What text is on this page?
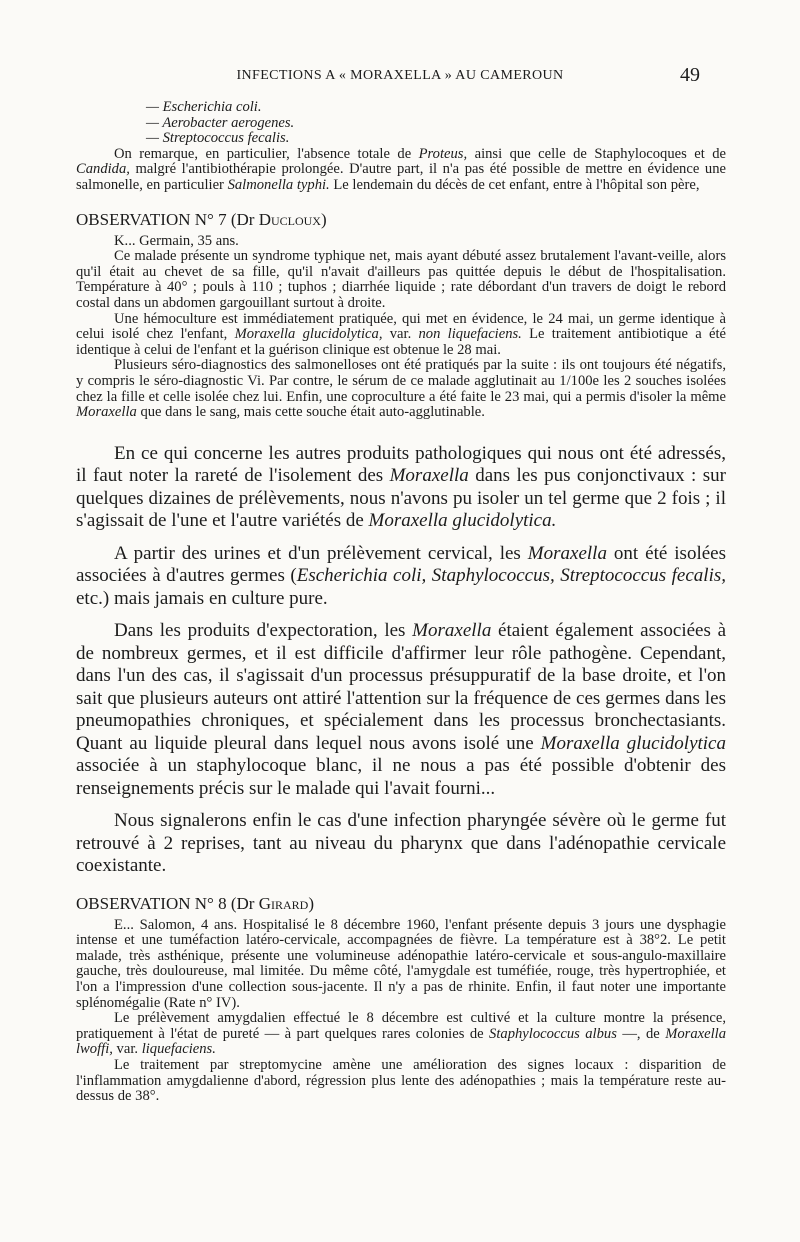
INFECTIONS A « MORAXELLA » AU CAMEROUN	49

— Escherichia coli.

— Aerobacter aerogenes.

— Streptococcus fecalis.

On remarque, en particulier, l'absence totale de Proteus, ainsi que celle de Staphylocoques et de Candida, malgré l'antibiothérapie prolongée. D'autre part, il n'a pas été possible de mettre en évidence une salmonelle, en particulier Salmonella typhi. Le lendemain du décès de cet enfant, entre à l'hôpital son père,

OBSERVATION N° 7 (Dr Ducloux)

K... Germain, 35 ans.

Ce malade présente un syndrome typhique net, mais ayant débuté assez brutalement l'avant-veille, alors qu'il était au chevet de sa fille, qu'il n'avait d'ailleurs pas quittée depuis le début de l'hospitalisation. Température à 40° ; pouls à 110 ; tuphos ; diarrhée liquide ; rate débordant d'un travers de doigt le rebord costal dans un abdomen gargouillant surtout à droite.

Une hémoculture est immédiatement pratiquée, qui met en évidence, le 24 mai, un germe identique à celui isolé chez l'enfant, Moraxella glucidolytica, var. non liquefaciens. Le traitement antibiotique a été identique à celui de l'enfant et la guérison clinique est obtenue le 28 mai.

Plusieurs séro-diagnostics des salmonelloses ont été pratiqués par la suite : ils ont toujours été négatifs, y compris le séro-diagnostic Vi. Par contre, le sérum de ce malade agglutinait au 1/100e les 2 souches isolées chez la fille et celle isolée chez lui. Enfin, une coproculture a été faite le 23 mai, qui a permis d'isoler la même Moraxella que dans le sang, mais cette souche était auto-agglutinable.

En ce qui concerne les autres produits pathologiques qui nous ont été adressés, il faut noter la rareté de l'isolement des Moraxella dans les pus conjonctivaux : sur quelques dizaines de prélèvements, nous n'avons pu isoler un tel germe que 2 fois ; il s'agissait de l'une et l'autre variétés de Moraxella glucidolytica.

A partir des urines et d'un prélèvement cervical, les Moraxella ont été isolées associées à d'autres germes (Escherichia coli, Staphylococcus, Streptococcus fecalis, etc.) mais jamais en culture pure.

Dans les produits d'expectoration, les Moraxella étaient également associées à de nombreux germes, et il est difficile d'affirmer leur rôle pathogène. Cependant, dans l'un des cas, il s'agissait d'un processus présuppuratif de la base droite, et l'on sait que plusieurs auteurs ont attiré l'attention sur la fréquence de ces germes dans les pneumopathies chroniques, et spécialement dans les processus bronchectasiants. Quant au liquide pleural dans lequel nous avons isolé une Moraxella glucidolytica associée à un staphylocoque blanc, il ne nous a pas été possible d'obtenir des renseignements précis sur le malade qui l'avait fourni...

Nous signalerons enfin le cas d'une infection pharyngée sévère où le germe fut retrouvé à 2 reprises, tant au niveau du pharynx que dans l'adénopathie cervicale coexistante.

OBSERVATION N° 8 (Dr Girard)

E... Salomon, 4 ans. Hospitalisé le 8 décembre 1960, l'enfant présente depuis 3 jours une dysphagie intense et une tuméfaction latéro-cervicale, accompagnées de fièvre. La température est à 38°2. Le petit malade, très asthénique, présente une volumineuse adénopathie latéro-cervicale et sous-angulo-maxillaire gauche, très douloureuse, mal limitée. Du même côté, l'amygdale est tuméfiée, rouge, très hypertrophiée, et l'on a l'impression d'une collection sous-jacente. Il n'y a pas de rhinite. Enfin, il faut noter une importante splénomégalie (Rate n° IV).

Le prélèvement amygdalien effectué le 8 décembre est cultivé et la culture montre la présence, pratiquement à l'état de pureté — à part quelques rares colonies de Staphylococcus albus —, de Moraxella lwoffi, var. liquefaciens.

Le traitement par streptomycine amène une amélioration des signes locaux : disparition de l'inflammation amygdalienne d'abord, régression plus lente des adénopathies ; mais la température reste au-dessus de 38°.
